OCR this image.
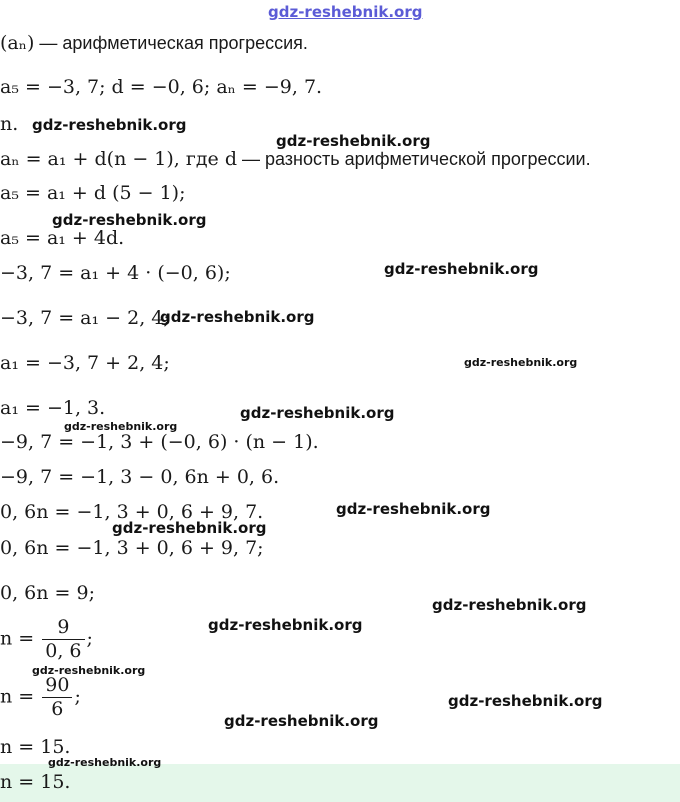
gdz-reshebnik.org
(aₙ) — арифметическая прогрессия.
a₅ = −3, 7; d = −0, 6; aₙ = −9, 7.
n.
aₙ = a₁ + d(n − 1), где d — разность арифметической прогрессии.
a₅ = a₁ + d (5 − 1);
a₅ = a₁ + 4d.
−3, 7 = a₁ + 4 · (−0, 6);
−3, 7 = a₁ − 2, 4;
a₁ = −3, 7 + 2, 4;
a₁ = −1, 3.
−9, 7 = −1, 3 + (−0, 6) · (n − 1).
−9, 7 = −1, 3 − 0, 6n + 0, 6.
0, 6n = −1, 3 + 0, 6 + 9, 7.
0, 6n = −1, 3 + 0, 6 + 9, 7;
0, 6n = 9;
$n = \frac{9}{0, 6}$ ;
$n = \frac{90}{6}$ ;
n = 15.
n = 15.
gdz-reshebnik.org
gdz-reshebnik.org
gdz-reshebnik.org
gdz-reshebnik.org
gdz-reshebnik.org
gdz-reshebnik.org
gdz-reshebnik.org
gdz-reshebnik.org
gdz-reshebnik.org
gdz-reshebnik.org
gdz-reshebnik.org
gdz-reshebnik.org
gdz-reshebnik.org
gdz-reshebnik.org
gdz-reshebnik.org
gdz-reshebnik.org
